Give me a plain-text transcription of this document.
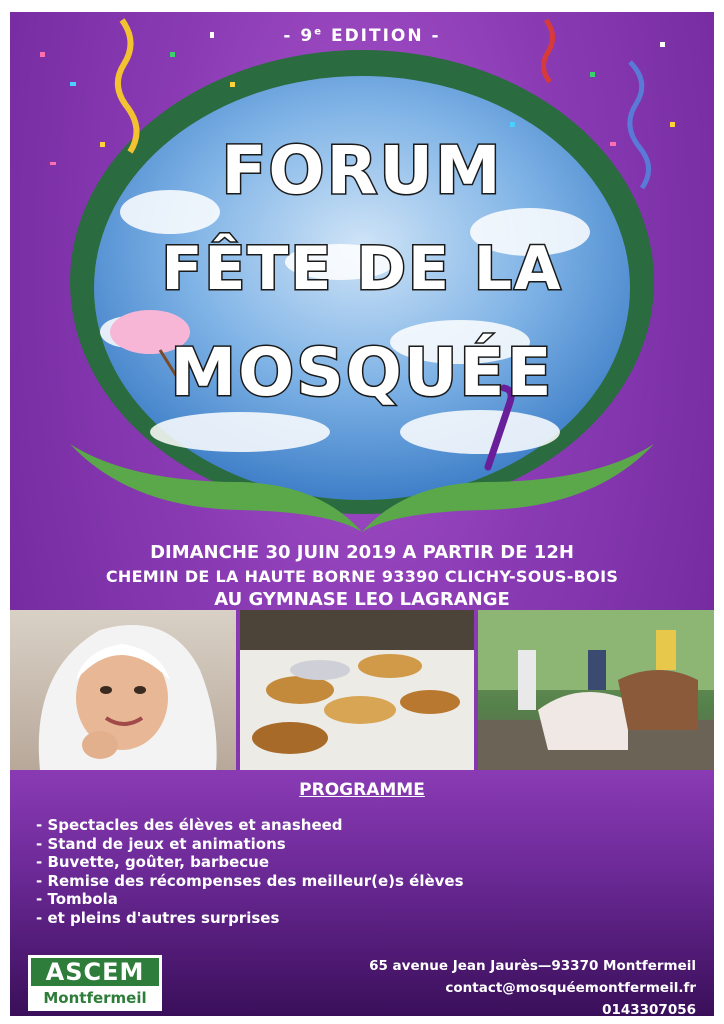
- 9e EDITION -
FORUM
FÊTE DE LA
MOSQUÉE
DIMANCHE 30 JUIN 2019 A PARTIR DE 12H
CHEMIN DE LA HAUTE BORNE 93390 CLICHY-SOUS-BOIS
AU GYMNASE LEO LAGRANGE
PROGRAMME
- Spectacles des élèves et anasheed
- Stand de jeux et animations
- Buvette, goûter, barbecue
- Remise des récompenses des meilleur(e)s élèves
- Tombola
- et pleins d'autres surprises
ASCEM
Montfermeil
65 avenue Jean Jaurès—93370 Montfermeil
contact@mosquéemontfermeil.fr
0143307056
